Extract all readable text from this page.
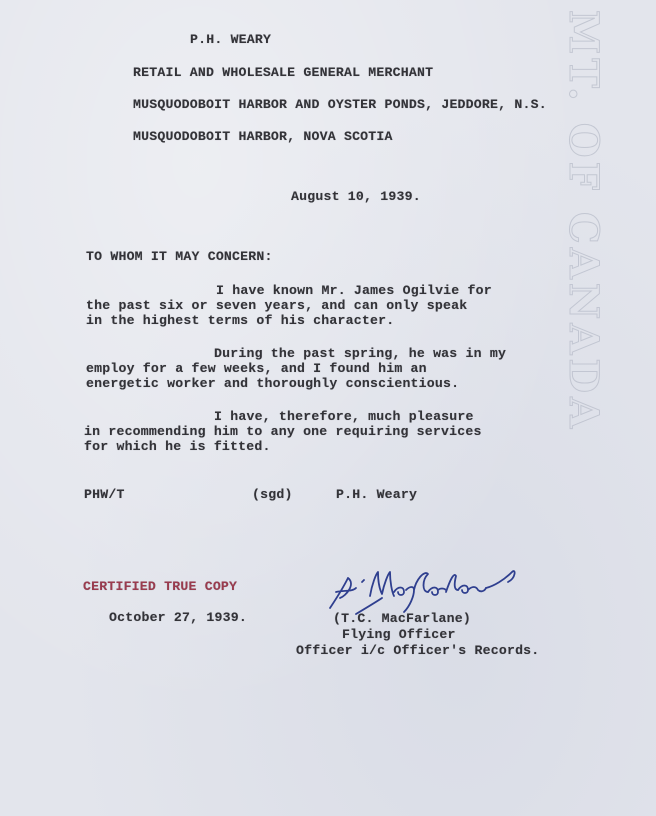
MT. OF CANADA
P.H. WEARY
RETAIL AND WHOLESALE GENERAL MERCHANT
MUSQUODOBOIT HARBOR AND OYSTER PONDS, JEDDORE, N.S.
MUSQUODOBOIT HARBOR, NOVA SCOTIA
August 10, 1939.
TO WHOM IT MAY CONCERN:
I have known Mr. James Ogilvie for
the past six or seven years, and can only speak
in the highest terms of his character.
During the past spring, he was in my
employ for a few weeks, and I found him an
energetic worker and thoroughly conscientious.
I have, therefore, much pleasure
in recommending him to any one requiring services
for which he is fitted.
PHW/T	(sgd)	P.H. Weary
CERTIFIED TRUE COPY
October 27, 1939.	(T.C. MacFarlane)
Flying Officer
Officer i/c Officer's Records.
